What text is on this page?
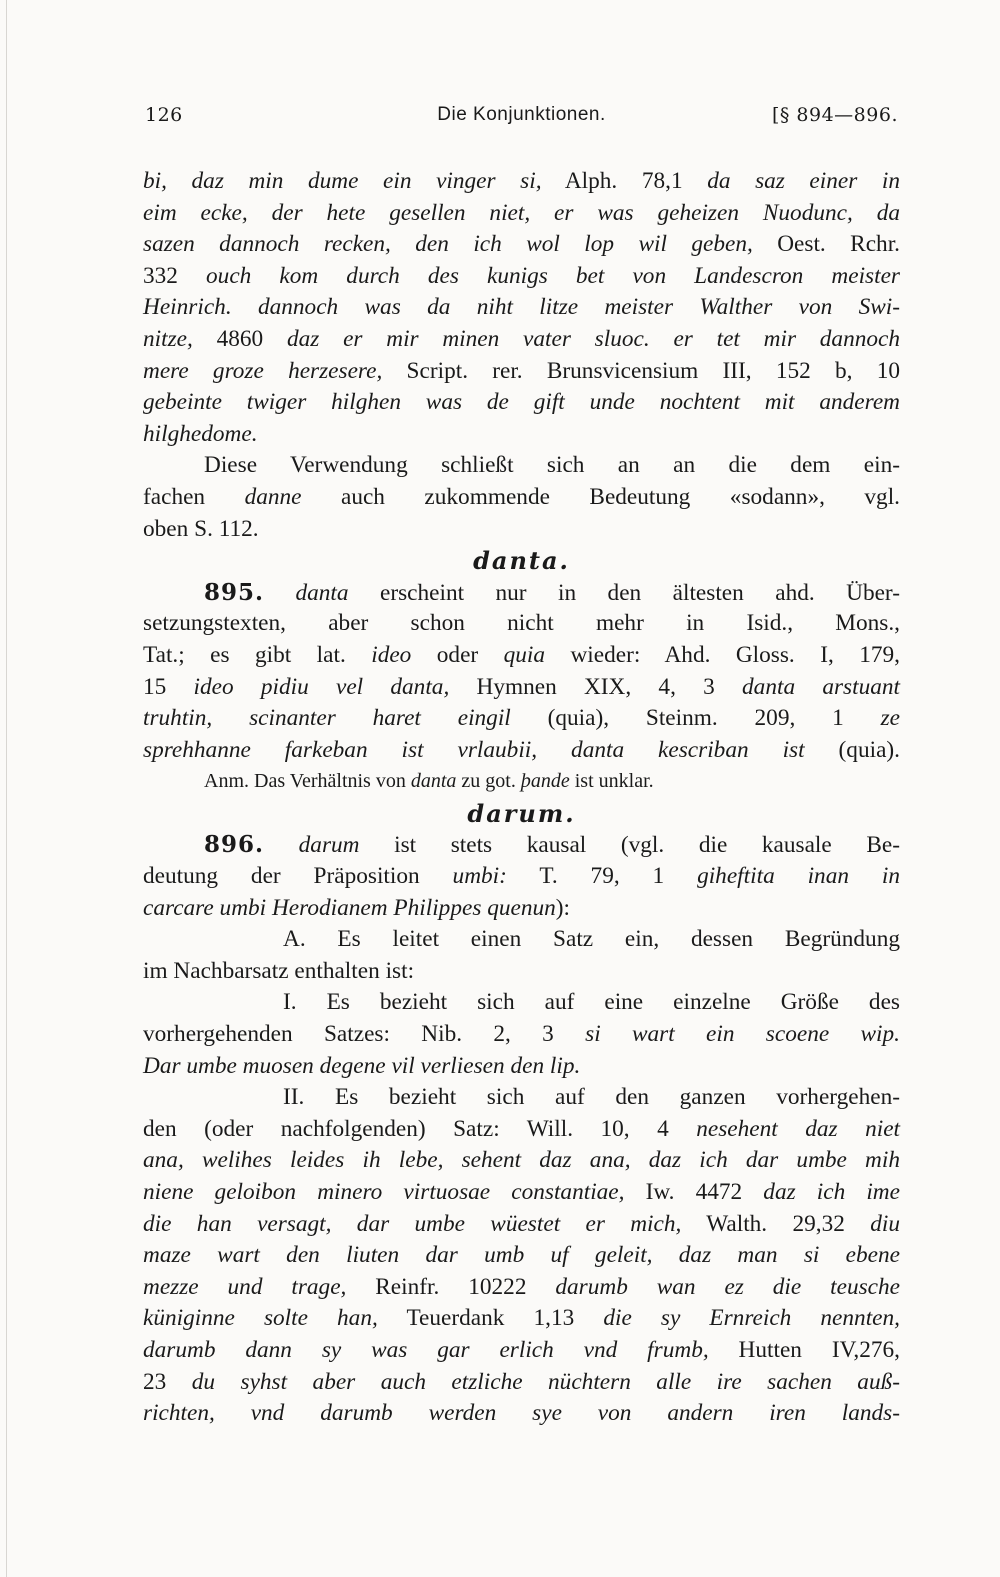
126	Die Konjunktionen.	[§ 894—896.
bi, daz min dume ein vinger si, Alph. 78,1 da saz einer in
eim ecke, der hete gesellen niet, er was geheizen Nuodunc, da
sazen dannoch recken, den ich wol lop wil geben, Oest. Rchr.
332 ouch kom durch des kunigs bet von Landescron meister
Heinrich. dannoch was da niht litze meister Walther von Swi-
nitze, 4860 daz er mir minen vater sluoc. er tet mir dannoch
mere groze herzesere, Script. rer. Brunsvicensium III, 152 b, 10
gebeinte twiger hilghen was de gift unde nochtent mit anderem
hilghedome.
Diese Verwendung schließt sich an an die dem ein-
fachen danne auch zukommende Bedeutung «sodann», vgl.
oben S. 112.
danta.
895. danta erscheint nur in den ältesten ahd. Über-
setzungstexten, aber schon nicht mehr in Isid., Mons.,
Tat.; es gibt lat. ideo oder quia wieder: Ahd. Gloss. I, 179,
15 ideo pidiu vel danta, Hymnen XIX, 4, 3 danta arstuant
truhtin, scinanter haret eingil (quia), Steinm. 209, 1 ze
sprehhanne farkeban ist vrlaubii, danta kescriban ist (quia).
Anm. Das Verhältnis von danta zu got. þande ist unklar.
darum.
896. darum ist stets kausal (vgl. die kausale Be-
deutung der Präposition umbi: T. 79, 1 giheftita inan in
carcare umbi Herodianem Philippes quenun):
A. Es leitet einen Satz ein, dessen Begründung
im Nachbarsatz enthalten ist:
I. Es bezieht sich auf eine einzelne Größe des
vorhergehenden Satzes: Nib. 2, 3 si wart ein scoene wip.
Dar umbe muosen degene vil verliesen den lip.
II. Es bezieht sich auf den ganzen vorhergehen-
den (oder nachfolgenden) Satz: Will. 10, 4 nesehent daz niet
ana, welihes leides ih lebe, sehent daz ana, daz ich dar umbe mih
niene geloibon minero virtuosae constantiae, Iw. 4472 daz ich ime
die han versagt, dar umbe wüestet er mich, Walth. 29,32 diu
maze wart den liuten dar umb uf geleit, daz man si ebene
mezze und trage, Reinfr. 10222 darumb wan ez die teusche
küniginne solte han, Teuerdank 1,13 die sy Ernreich nennten,
darumb dann sy was gar erlich vnd frumb, Hutten IV,276,
23 du syhst aber auch etzliche nüchtern alle ire sachen auß-
richten, vnd darumb werden sye von andern iren lands-
